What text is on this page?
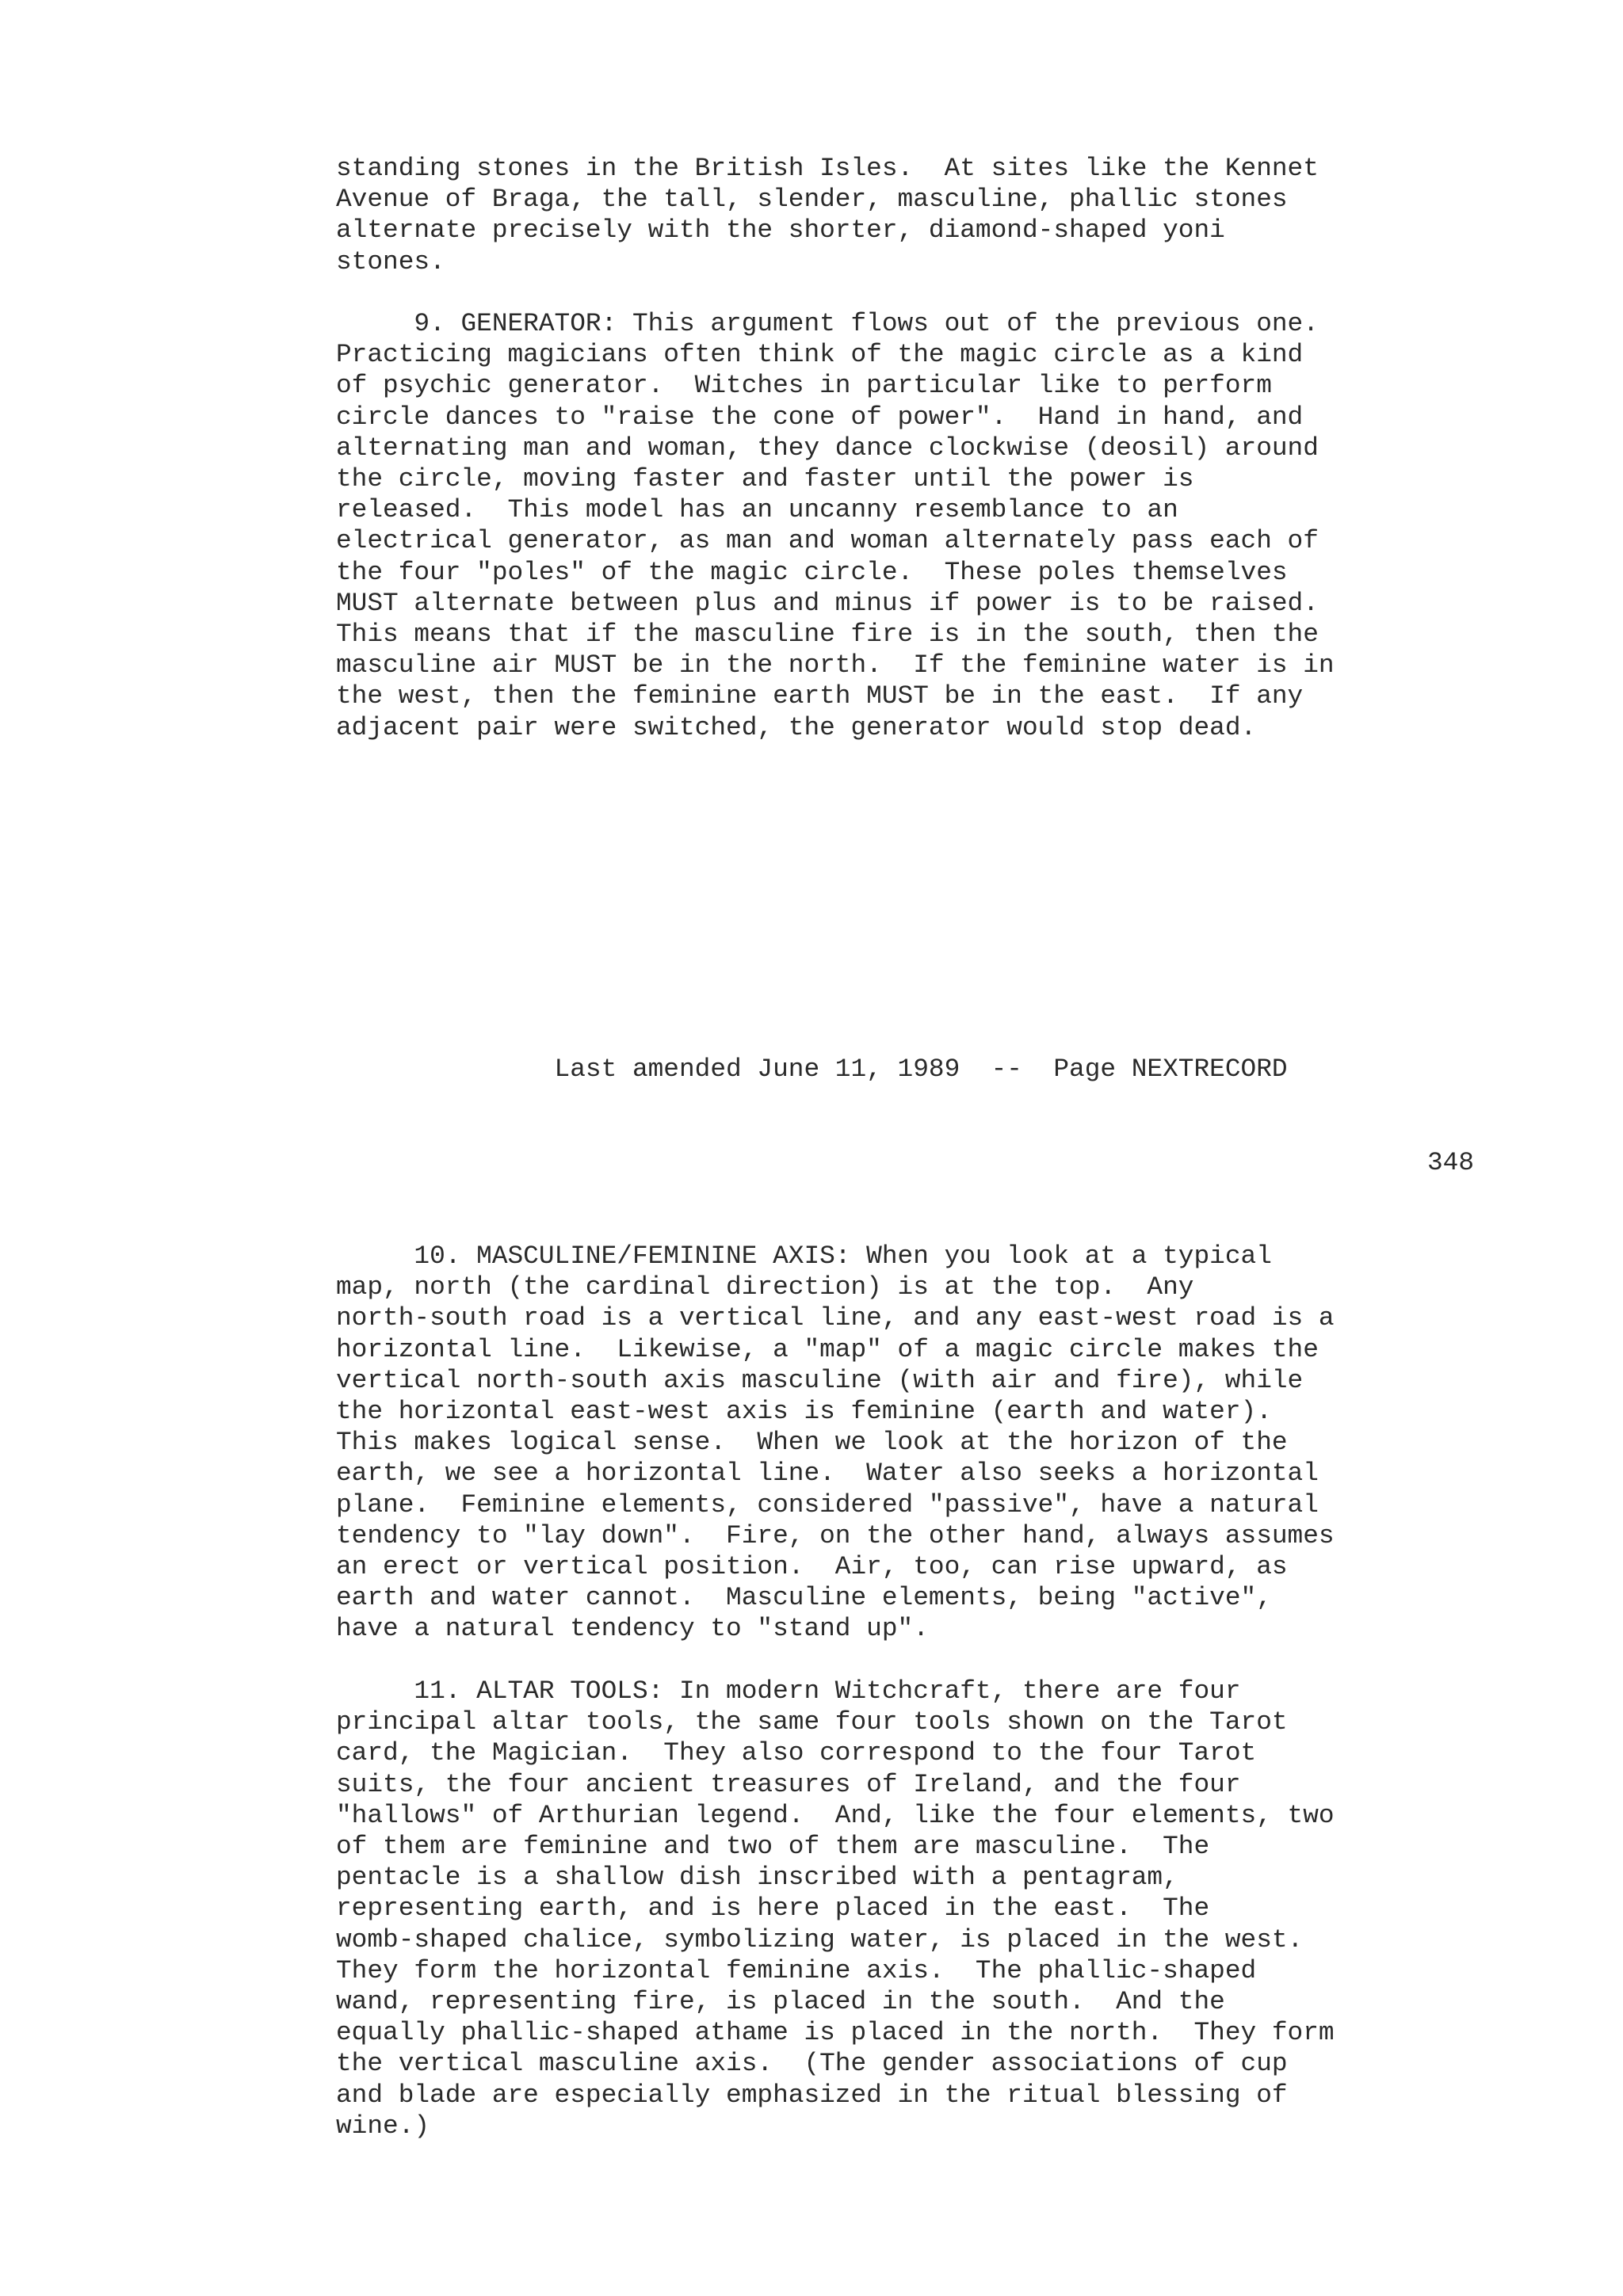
standing stones in the British Isles.  At sites like the Kennet
Avenue of Braga, the tall, slender, masculine, phallic stones
alternate precisely with the shorter, diamond-shaped yoni
stones.
9. GENERATOR: This argument flows out of the previous one.
Practicing magicians often think of the magic circle as a kind
of psychic generator.  Witches in particular like to perform
circle dances to "raise the cone of power".  Hand in hand, and
alternating man and woman, they dance clockwise (deosil) around
the circle, moving faster and faster until the power is
released.  This model has an uncanny resemblance to an
electrical generator, as man and woman alternately pass each of
the four "poles" of the magic circle.  These poles themselves
MUST alternate between plus and minus if power is to be raised.
This means that if the masculine fire is in the south, then the
masculine air MUST be in the north.  If the feminine water is in
the west, then the feminine earth MUST be in the east.  If any
adjacent pair were switched, the generator would stop dead.
Last amended June 11, 1989  --  Page NEXTRECORD
348
10. MASCULINE/FEMININE AXIS: When you look at a typical
map, north (the cardinal direction) is at the top.  Any
north-south road is a vertical line, and any east-west road is a
horizontal line.  Likewise, a "map" of a magic circle makes the
vertical north-south axis masculine (with air and fire), while
the horizontal east-west axis is feminine (earth and water).
This makes logical sense.  When we look at the horizon of the
earth, we see a horizontal line.  Water also seeks a horizontal
plane.  Feminine elements, considered "passive", have a natural
tendency to "lay down".  Fire, on the other hand, always assumes
an erect or vertical position.  Air, too, can rise upward, as
earth and water cannot.  Masculine elements, being "active",
have a natural tendency to "stand up".
11. ALTAR TOOLS: In modern Witchcraft, there are four
principal altar tools, the same four tools shown on the Tarot
card, the Magician.  They also correspond to the four Tarot
suits, the four ancient treasures of Ireland, and the four
"hallows" of Arthurian legend.  And, like the four elements, two
of them are feminine and two of them are masculine.  The
pentacle is a shallow dish inscribed with a pentagram,
representing earth, and is here placed in the east.  The
womb-shaped chalice, symbolizing water, is placed in the west.
They form the horizontal feminine axis.  The phallic-shaped
wand, representing fire, is placed in the south.  And the
equally phallic-shaped athame is placed in the north.  They form
the vertical masculine axis.  (The gender associations of cup
and blade are especially emphasized in the ritual blessing of
wine.)
